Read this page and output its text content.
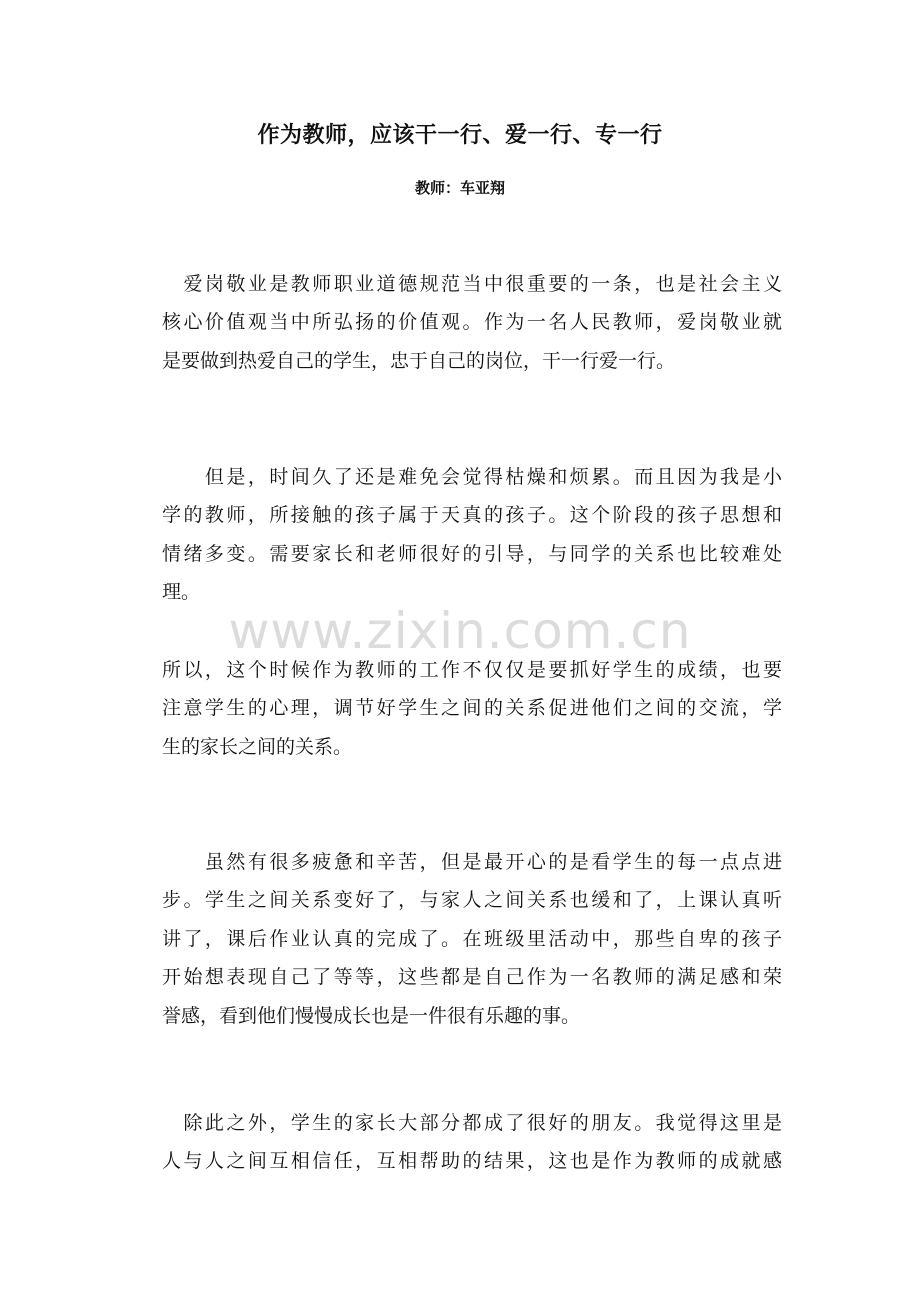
作为教师，应该干一行、爱一行、专一行
教师：车亚翔
　爱岗敬业是教师职业道德规范当中很重要的一条，也是社会主义
核心价值观当中所弘扬的价值观。作为一名人民教师，爱岗敬业就
是要做到热爱自己的学生，忠于自己的岗位，干一行爱一行。
　　但是，时间久了还是难免会觉得枯燥和烦累。而且因为我是小
学的教师，所接触的孩子属于天真的孩子。这个阶段的孩子思想和
情绪多变。需要家长和老师很好的引导，与同学的关系也比较难处
理。
所以，这个时候作为教师的工作不仅仅是要抓好学生的成绩，也要
注意学生的心理，调节好学生之间的关系促进他们之间的交流，学
生的家长之间的关系。
　　虽然有很多疲惫和辛苦，但是最开心的是看学生的每一点点进
步。学生之间关系变好了，与家人之间关系也缓和了，上课认真听
讲了，课后作业认真的完成了。在班级里活动中，那些自卑的孩子
开始想表现自己了等等，这些都是自己作为一名教师的满足感和荣
誉感，看到他们慢慢成长也是一件很有乐趣的事。
　除此之外，学生的家长大部分都成了很好的朋友。我觉得这里是
人与人之间互相信任，互相帮助的结果，这也是作为教师的成就感
www.zixin.com.cn
